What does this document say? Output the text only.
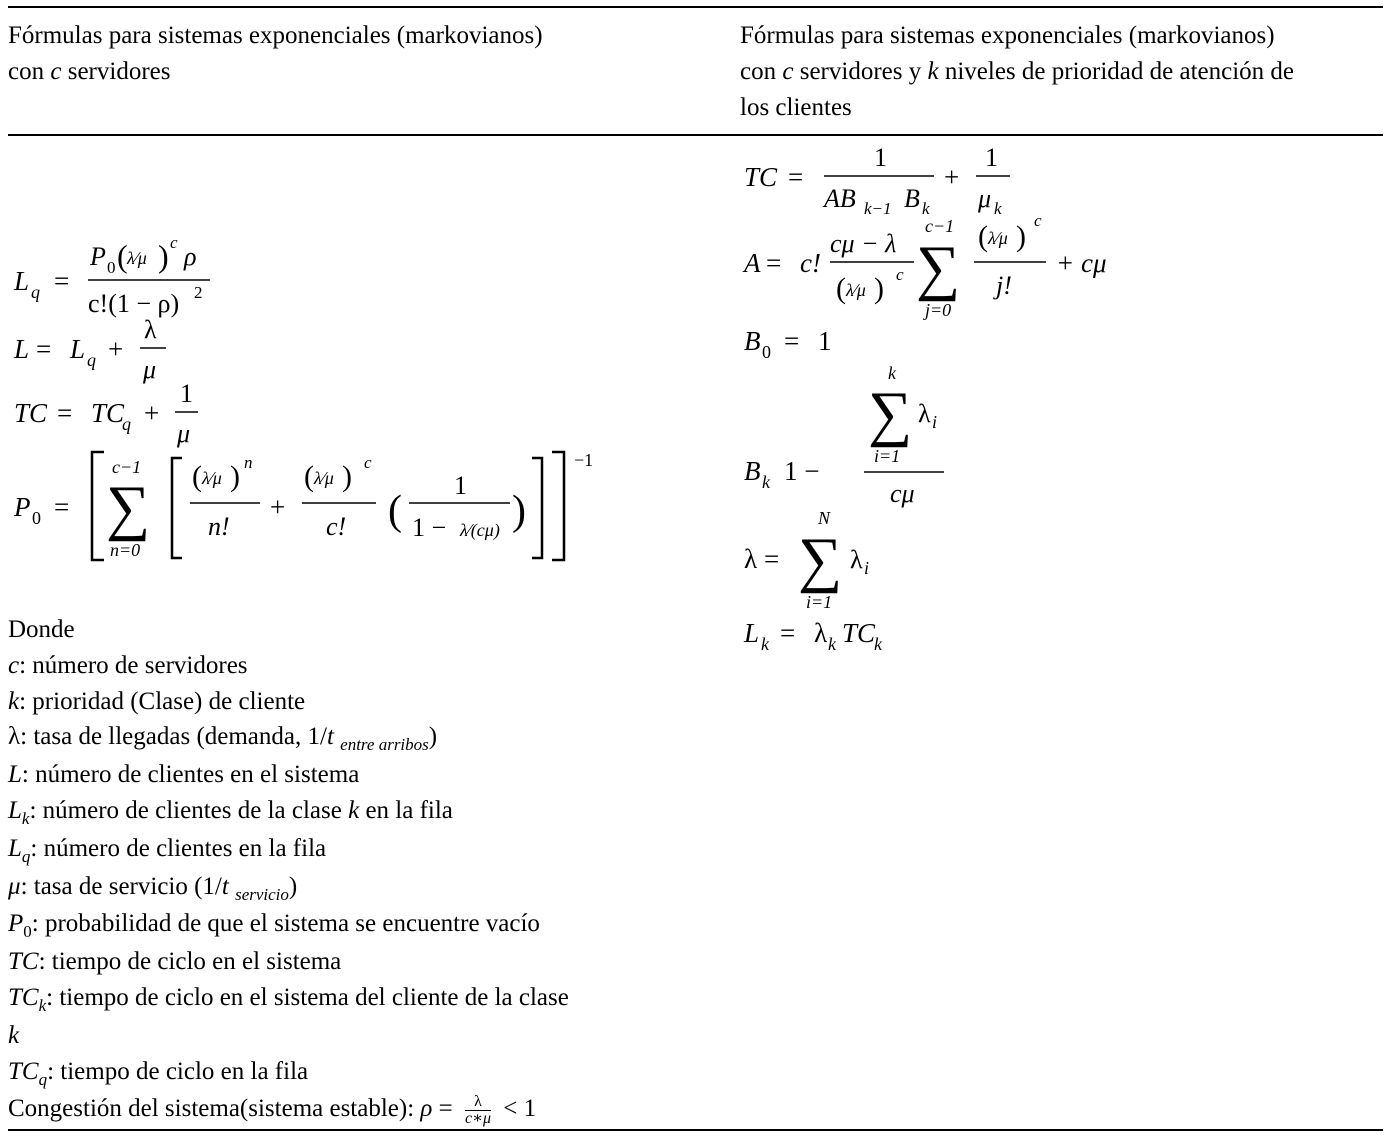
Fórmulas para sistemas exponenciales (markovianos)
con c servidores
Fórmulas para sistemas exponenciales (markovianos)
con c servidores y k niveles de prioridad de atención de
los clientes
L q =
P 0 ( λ⁄μ ) c ρ
c!(1 − ρ) 2
L = L q +
λ
μ
TC = TC
q +
1
μ
P 0 =
c−1
∑
n=0
( λ⁄μ ) n
n!
+
( λ⁄μ ) c
c! (
1
1 − λ⁄(cμ) )
−1
TC =
1
AB k−1 B k
+
1
μ k
A = c!
cμ − λ
( λ⁄μ ) c
c−1
∑
j=0
( λ⁄μ ) c
j!
+ cμ
B 0 = 1
B k 1 −
k
∑
i=1
λ i
cμ
λ =
N
∑
i=1
λ i
L k = λ k TC
k
Donde
c: número de servidores
k: prioridad (Clase) de cliente
λ: tasa de llegadas (demanda, 1/t $_{entre arribos}$)
L: número de clientes en el sistema
$L_k$: número de clientes de la clase k en la fila
$L_q$: número de clientes en la fila
μ: tasa de servicio (1/t $_{servicio}$)
$P_0$: probabilidad de que el sistema se encuentre vacío
TC: tiempo de ciclo en el sistema
$TC_k$: tiempo de ciclo en el sistema del cliente de la clase
k
$TC_q$: tiempo de ciclo en la fila
Congestión del sistema(sistema estable): $\rho = \frac{\lambda}{c∗\mu} < 1$
